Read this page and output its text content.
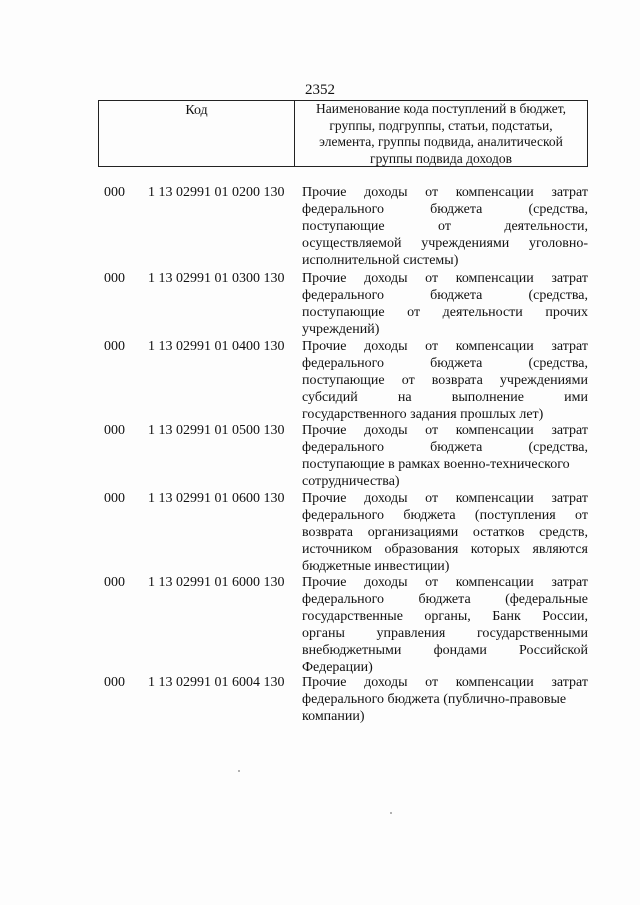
2352
Код	Наименование кода поступлений в бюджет,
группы, подгруппы, статьи, подстатьи,
элемента, группы подвида, аналитической
группы подвида доходов
000	1 13 02991 01 0200 130	Прочие доходы от компенсации затрат
федерального	бюджета	(средства,
поступающие	от	деятельности,
осуществляемой учреждениями уголовно-
исполнительной системы)
000	1 13 02991 01 0300 130	Прочие доходы от компенсации затрат
федерального	бюджета	(средства,
поступающие от деятельности прочих
учреждений)
000	1 13 02991 01 0400 130	Прочие доходы от компенсации затрат
федерального	бюджета	(средства,
поступающие от возврата учреждениями
субсидий	на	выполнение	ими
государственного задания прошлых лет)
000	1 13 02991 01 0500 130	Прочие доходы от компенсации затрат
федерального	бюджета	(средства,
поступающие в рамках военно-технического
сотрудничества)
000	1 13 02991 01 0600 130	Прочие доходы от компенсации затрат
федерального бюджета (поступления от
возврата организациями остатков средств,
источником образования которых являются
бюджетные инвестиции)
000	1 13 02991 01 6000 130	Прочие доходы от компенсации затрат
федерального бюджета (федеральные
государственные органы, Банк России,
органы управления государственными
внебюджетными фондами Российской
Федерации)
000	1 13 02991 01 6004 130	Прочие доходы от компенсации затрат
федерального бюджета (публично-правовые
компании)
